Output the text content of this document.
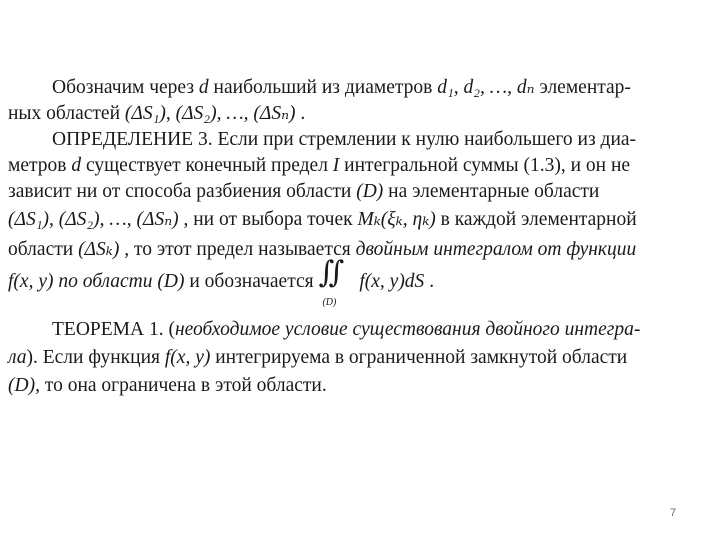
Обозначим через d наибольший из диаметров d₁, d₂, …, dₙ элементар-
ных областей (ΔS₁), (ΔS₂), …, (ΔSₙ) .
ОПРЕДЕЛЕНИЕ 3. Если при стремлении к нулю наибольшего из диа-
метров d существует конечный предел I интегральной суммы (1.3), и он не
зависит ни от способа разбиения области (D) на элементарные области
(ΔS₁), (ΔS₂), …, (ΔSₙ) , ни от выбора точек Mₖ(ξₖ, ηₖ) в каждой элементарной
области (ΔSₖ) , то этот предел называется двойным интегралом от функции
f(x, y) по области (D) и обозначается ∬
(D)
f(x, y)dS .
ТЕОРЕМА 1. (необходимое условие существования двойного интегра-
ла). Если функция f(x, y) интегрируема в ограниченной замкнутой области
(D), то она ограничена в этой области.
7
